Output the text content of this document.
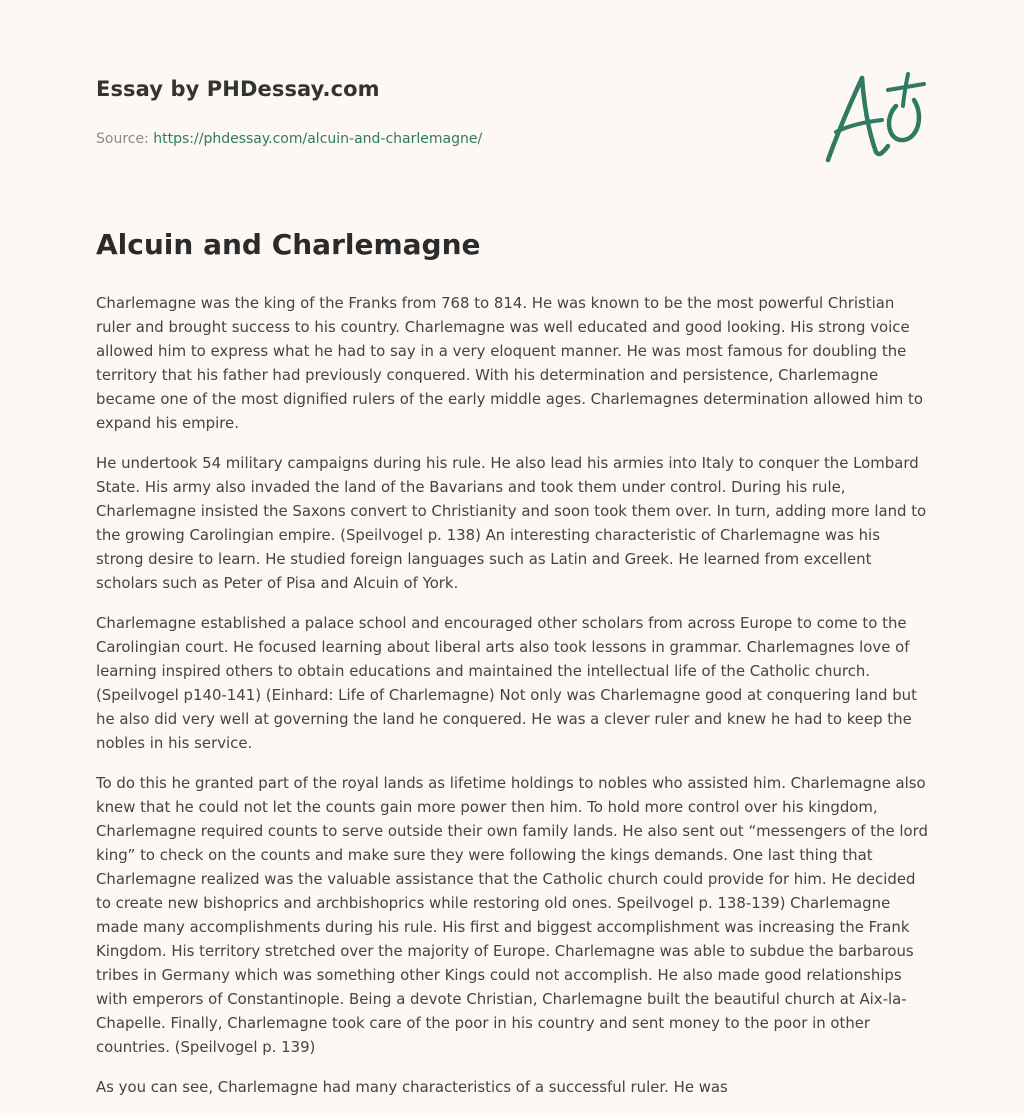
Essay by PHDessay.com
Source: https://phdessay.com/alcuin-and-charlemagne/
Alcuin and Charlemagne

Charlemagne was the king of the Franks from 768 to 814. He was known to be the most powerful Christian ruler and brought success to his country. Charlemagne was well educated and good looking. His strong voice allowed him to express what he had to say in a very eloquent manner. He was most famous for doubling the territory that his father had previously conquered. With his determination and persistence, Charlemagne became one of the most dignified rulers of the early middle ages. Charlemagnes determination allowed him to expand his empire.

He undertook 54 military campaigns during his rule. He also lead his armies into Italy to conquer the Lombard State. His army also invaded the land of the Bavarians and took them under control. During his rule, Charlemagne insisted the Saxons convert to Christianity and soon took them over. In turn, adding more land to the growing Carolingian empire. (Speilvogel p. 138) An interesting characteristic of Charlemagne was his strong desire to learn. He studied foreign languages such as Latin and Greek. He learned from excellent scholars such as Peter of Pisa and Alcuin of York.

Charlemagne established a palace school and encouraged other scholars from across Europe to come to the Carolingian court. He focused learning about liberal arts also took lessons in grammar. Charlemagnes love of learning inspired others to obtain educations and maintained the intellectual life of the Catholic church. (Speilvogel p140-141) (Einhard: Life of Charlemagne) Not only was Charlemagne good at conquering land but he also did very well at governing the land he conquered. He was a clever ruler and knew he had to keep the nobles in his service.

To do this he granted part of the royal lands as lifetime holdings to nobles who assisted him. Charlemagne also knew that he could not let the counts gain more power then him. To hold more control over his kingdom, Charlemagne required counts to serve outside their own family lands. He also sent out “messengers of the lord king” to check on the counts and make sure they were following the kings demands. One last thing that Charlemagne realized was the valuable assistance that the Catholic church could provide for him. He decided to create new bishoprics and archbishoprics while restoring old ones. Speilvogel p. 138-139) Charlemagne made many accomplishments during his rule. His first and biggest accomplishment was increasing the Frank Kingdom. His territory stretched over the majority of Europe. Charlemagne was able to subdue the barbarous tribes in Germany which was something other Kings could not accomplish. He also made good relationships with emperors of Constantinople. Being a devote Christian, Charlemagne built the beautiful church at Aix-la-Chapelle. Finally, Charlemagne took care of the poor in his country and sent money to the poor in other countries. (Speilvogel p. 139)

As you can see, Charlemagne had many characteristics of a successful ruler. He was
